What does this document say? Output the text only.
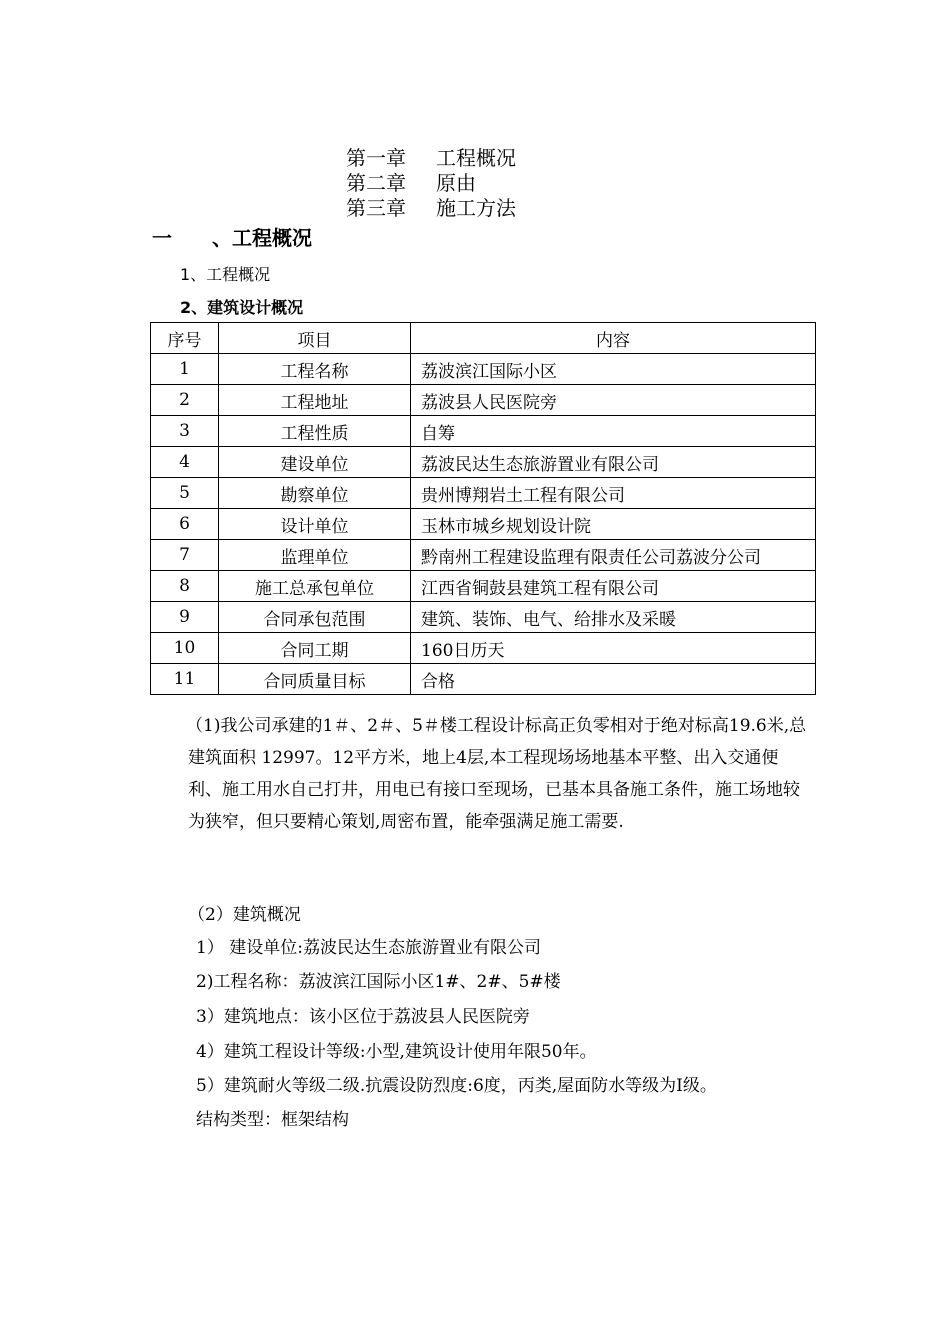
第一章 工程概况
第二章 原由
第三章 施工方法
一　　、工程概况
1、工程概况
2、建筑设计概况
序号	项目	内容
1	工程名称	荔波滨江国际小区
2	工程地址	荔波县人民医院旁
3	工程性质	自筹
4	建设单位	荔波民达生态旅游置业有限公司
5	勘察单位	贵州博翔岩土工程有限公司
6	设计单位	玉林市城乡规划设计院
7	监理单位	黔南州工程建设监理有限责任公司荔波分公司
8	施工总承包单位	江西省铜鼓县建筑工程有限公司
9	合同承包范围	建筑、装饰、电气、给排水及采暖
10	合同工期	160日历天
11	合同质量目标	合格
（1)我公司承建的1＃、2＃、5＃楼工程设计标高正负零相对于绝对标高19.6米,总建筑面积 12997。12平方米，地上4层,本工程现场场地基本平整、出入交通便利、施工用水自己打井，用电已有接口至现场，已基本具备施工条件，施工场地较为狭窄，但只要精心策划,周密布置，能牵强满足施工需要.
（2）建筑概况
1） 建设单位:荔波民达生态旅游置业有限公司
2)工程名称：荔波滨江国际小区1#、2#、5#楼
3）建筑地点：该小区位于荔波县人民医院旁
4）建筑工程设计等级:小型,建筑设计使用年限50年。
5）建筑耐火等级二级.抗震设防烈度:6度，丙类,屋面防水等级为Ⅰ级。
结构类型：框架结构
